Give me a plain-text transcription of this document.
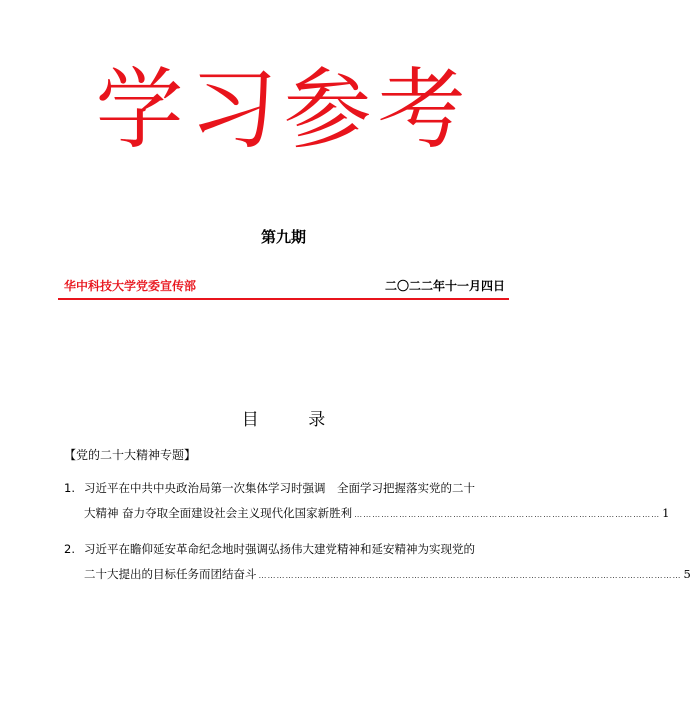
学习参考
第九期
华中科技大学党委宣传部	二〇二二年十一月四日
目 录
【党的二十大精神专题】
1. 习近平在中共中央政治局第一次集体学习时强调　全面学习把握落实党的二十
大精神 奋力夺取全面建设社会主义现代化国家新胜利 ………………………………………………………………………………………… 1
2. 习近平在瞻仰延安革命纪念地时强调弘扬伟大建党精神和延安精神为实现党的
二十大提出的目标任务而团结奋斗 …………………………………………………………………………………………………………………………… 5
